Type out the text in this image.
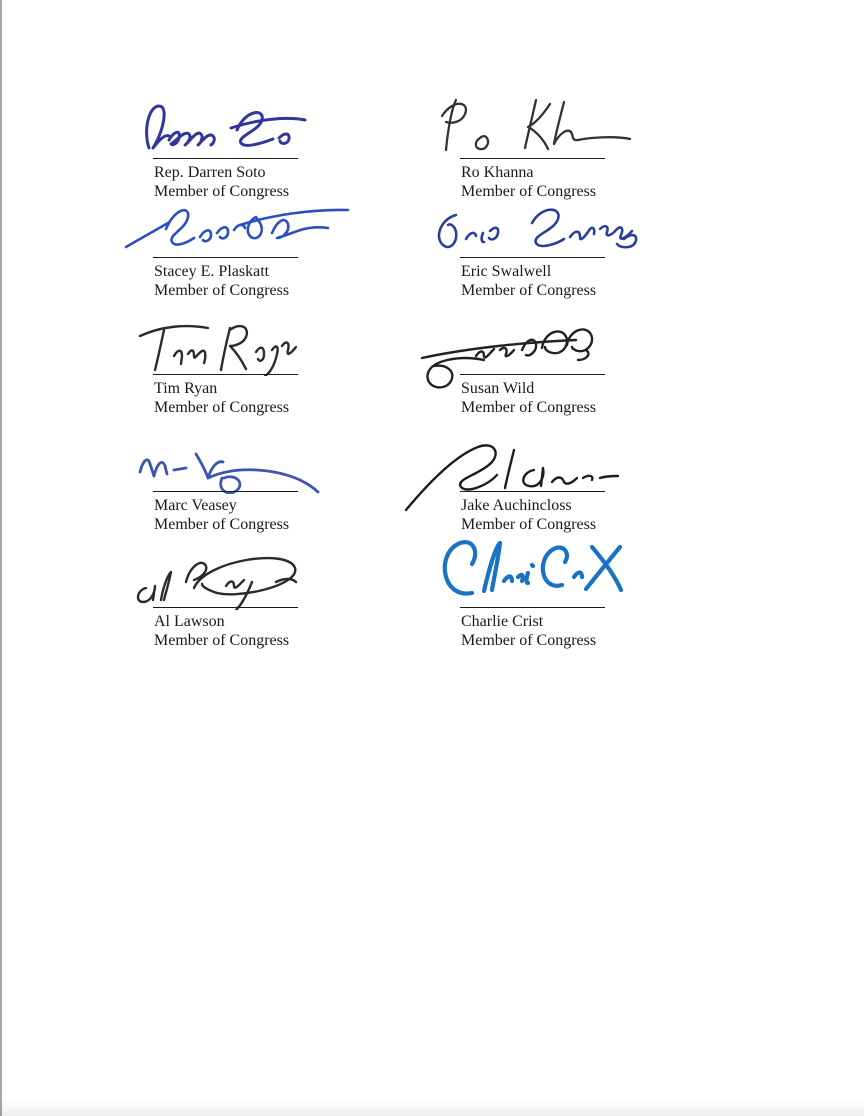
Rep. Darren Soto
Member of Congress
Ro Khanna
Member of Congress
Stacey E. Plaskatt
Member of Congress
Eric Swalwell
Member of Congress
Tim Ryan
Member of Congress
Susan Wild
Member of Congress
Marc Veasey
Member of Congress
Jake Auchincloss
Member of Congress
Al Lawson
Member of Congress
Charlie Crist
Member of Congress
